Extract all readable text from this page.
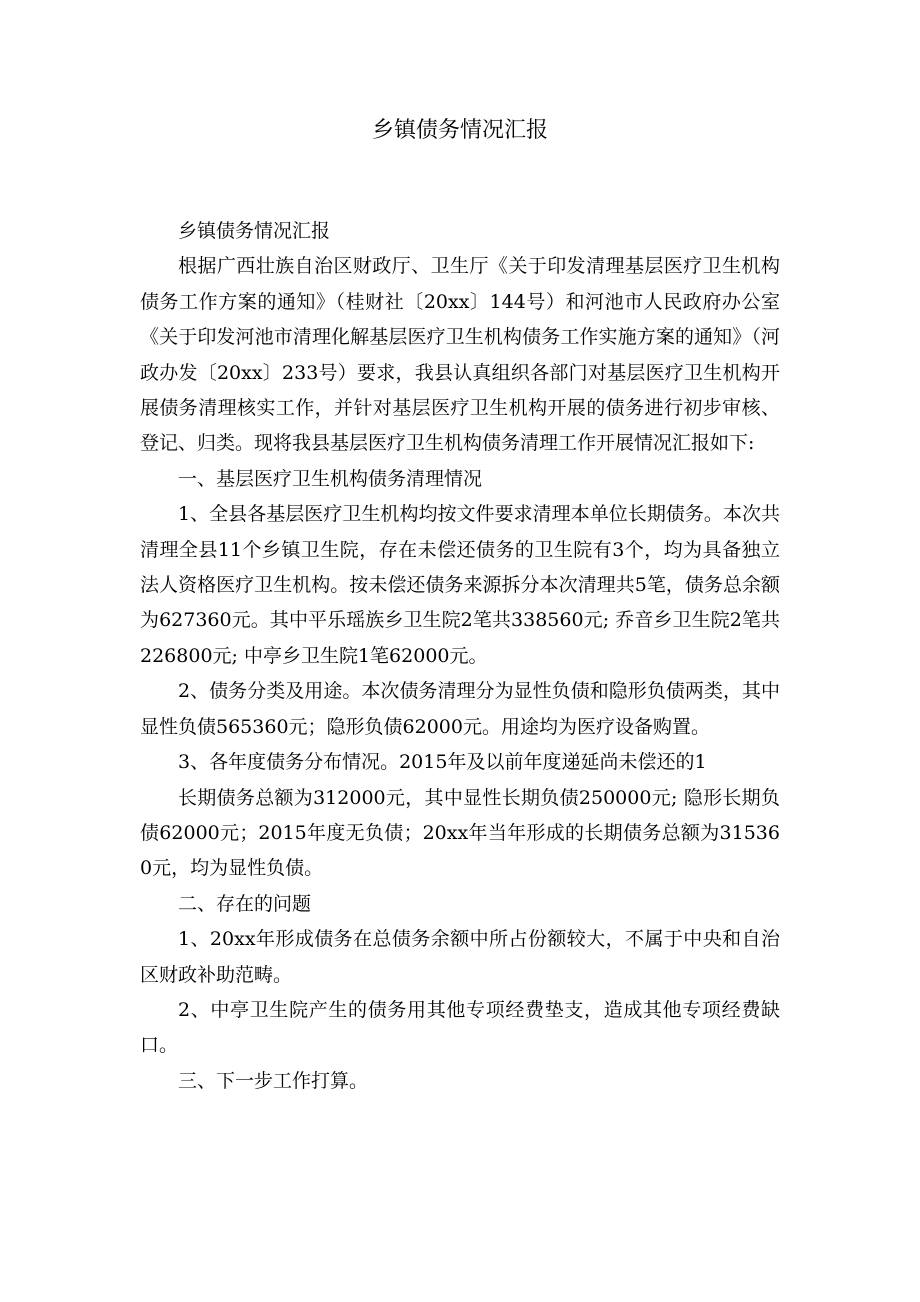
乡镇债务情况汇报

乡镇债务情况汇报

根据广西壮族自治区财政厅、卫生厅《关于印发清理基层医疗卫生机构债务工作方案的通知》（桂财社〔20xx〕144号）和河池市人民政府办公室《关于印发河池市清理化解基层医疗卫生机构债务工作实施方案的通知》（河政办发〔20xx〕233号）要求，我县认真组织各部门对基层医疗卫生机构开展债务清理核实工作，并针对基层医疗卫生机构开展的债务进行初步审核、登记、归类。现将我县基层医疗卫生机构债务清理工作开展情况汇报如下:

一、基层医疗卫生机构债务清理情况

1、全县各基层医疗卫生机构均按文件要求清理本单位长期债务。本次共清理全县11个乡镇卫生院，存在未偿还债务的卫生院有3个，均为具备独立法人资格医疗卫生机构。按未偿还债务来源拆分本次清理共5笔，债务总余额为627360元。其中平乐瑶族乡卫生院2笔共338560元; 乔音乡卫生院2笔共226800元; 中亭乡卫生院1笔62000元。

2、债务分类及用途。本次债务清理分为显性负债和隐形负债两类，其中显性负债565360元；隐形负债62000元。用途均为医疗设备购置。

3、各年度债务分布情况。2015年及以前年度递延尚未偿还的1

长期债务总额为312000元，其中显性长期负债250000元; 隐形长期负债62000元；2015年度无负债；20xx年当年形成的长期债务总额为315360元，均为显性负债。

二、存在的问题

1、20xx年形成债务在总债务余额中所占份额较大，不属于中央和自治区财政补助范畴。

2、中亭卫生院产生的债务用其他专项经费垫支，造成其他专项经费缺口。

三、下一步工作打算。
